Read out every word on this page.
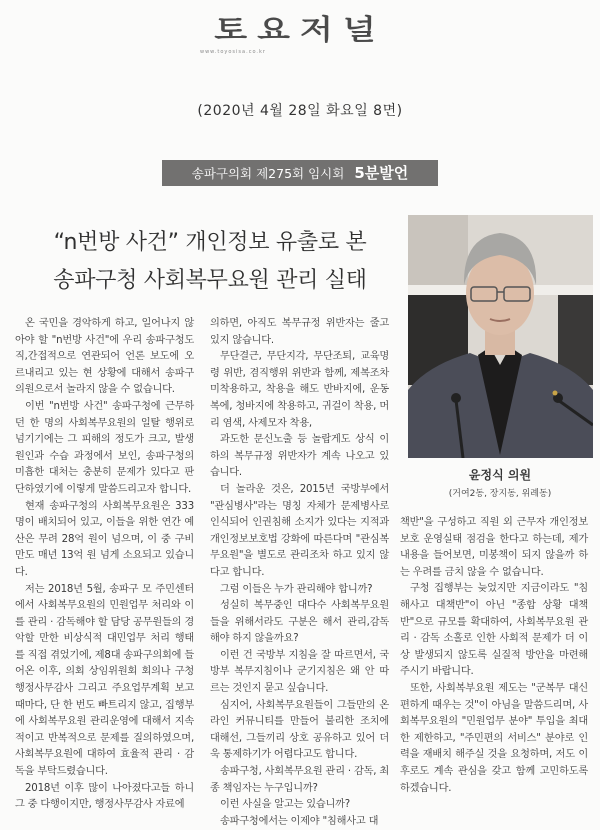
토요저널
www.toyosisa.co.kr
(2020년 4월 28일 화요일 8면)
송파구의회 제275회 임시회 5분발언
“n번방 사건” 개인정보 유출로 본
송파구청 사회복무요원 관리 실태
윤정식 의원
(거여2동, 장지동, 위례동)

온 국민을 경악하게 하고, 일어나지 않아야 할 "n번방 사건"에 우리 송파구청도 직,간접적으로 연관되어 언론 보도에 오르내리고 있는 현 상황에 대해서 송파구 의원으로서 놀라지 않을 수 없습니다.

이번 "n번방 사건" 송파구청에 근무하던 한 명의 사회복무요원의 일탈 행위로 넘기기에는 그 피해의 정도가 크고, 발생 원인과 수습 과정에서 보인, 송파구청의 미흡한 대처는 충분히 문제가 있다고 판단하였기에 이렇게 말씀드리고자 합니다.

현재 송파구청의 사회복무요원은 333명이 배치되어 있고, 이들을 위한 연간 예산은 무려 28억 원이 넘으며, 이 중 구비만도 매년 13억 원 넘게 소요되고 있습니다.

저는 2018년 5월, 송파구 모 주민센터에서 사회복무요원의 민원업무 처리와 이를 관리 · 감독해야 할 담당 공무원들의 경악할 만한 비상식적 대민업무 처리 행태를 직접 겪었기에, 제8대 송파구의회에 들어온 이후, 의회 상임위원회 회의나 구청 행정사무감사 그리고 주요업무계획 보고 때마다, 단 한 번도 빠트리지 않고, 집행부에 사회복무요원 관리운영에 대해서 지속적이고 반복적으로 문제를 질의하였으며, 사회복무요원에 대하여 효율적 관리 · 감독을 부탁드렸습니다.

2018년 이후 많이 나아졌다고들 하니 그 중 다행이지만, 행정사무감사 자료에

의하면, 아직도 복무규정 위반자는 줄고 있지 않습니다.

무단결근, 무단지각, 무단조퇴, 교육명령 위반, 겸직행위 위반과 함께, 제복조차 미착용하고, 착용을 해도 반바지에, 운동복에, 청바지에 착용하고, 귀걸이 착용, 머리 염색, 사제모자 착용,

과도한 문신노출 등 놀랍게도 상식 이하의 복무규정 위반자가 계속 나오고 있습니다.

더 놀라운 것은, 2015년 국방부에서 "관심병사"라는 명칭 자체가 문제병사로 인식되어 인권침해 소지가 있다는 지적과 개인정보보호법 강화에 따른다며 "관심복무요원"을 별도로 관리조차 하고 있지 않다고 합니다.

그럼 이들은 누가 관리해야 합니까?

성실히 복무중인 대다수 사회복무요원들을 위해서라도 구분은 해서 관리,감독해야 하지 않을까요?

이런 건 국방부 지침을 잘 따르면서, 국방부 복무지침이나 군기지침은 왜 안 따르는 것인지 묻고 싶습니다.

심지어, 사회복무요원들이 그들만의 온라인 커뮤니티를 만들어 불리한 조치에 대해선, 그들끼리 상호 공유하고 있어 더욱 통제하기가 어렵다고도 합니다.

송파구청, 사회복무요원 관리 · 감독, 최종 책임자는 누구입니까?

이런 사실을 알고는 있습니까?

송파구청에서는 이제야 "침해사고 대

책반"을 구성하고 직원 외 근무자 개인정보보호 운영실태 점검을 한다고 하는데, 제가 내용을 들어보면, 미봉책이 되지 않을까 하는 우려를 금치 않을 수 없습니다.

구청 집행부는 늦었지만 지금이라도 "침해사고 대책반"이 아닌 "종합 상황 대책반"으로 규모를 확대하여, 사회복무요원 관리 · 감독 소홀로 인한 사회적 문제가 더 이상 발생되지 않도록 실질적 방안을 마련해 주시기 바랍니다.

또한, 사회복부요원 제도는 "군복무 대신 편하게 때우는 것"이 아님을 말씀드리며, 사회복무요원의 "민원업무 분야" 투입을 최대한 제한하고, "주민편의 서비스" 분야로 인력을 재배치 해주실 것을 요청하며, 저도 이후로도 계속 관심을 갖고 함께 고민하도록 하겠습니다.
